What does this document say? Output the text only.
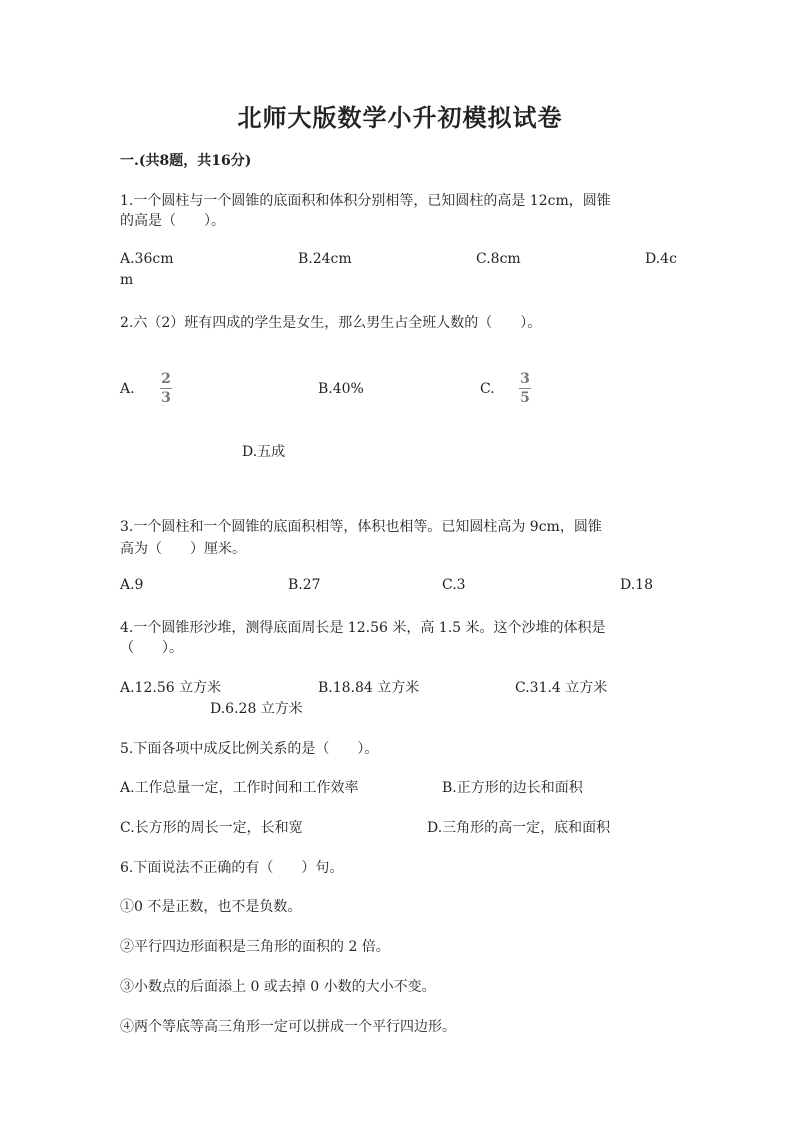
北师大版数学小升初模拟试卷
一.(共8题，共16分)
1.一个圆柱与一个圆锥的底面积和体积分别相等，已知圆柱的高是 12cm，圆锥
的高是（　　）。
A.36cm	B.24cm	C.8cm	D.4c
m
2.六（2）班有四成的学生是女生，那么男生占全班人数的（　　）。
A.
2
3
B.40%	C.
3
5
D.五成
3.一个圆柱和一个圆锥的底面积相等，体积也相等。已知圆柱高为 9cm，圆锥
高为（　　）厘米。
A.9	B.27	C.3	D.18
4.一个圆锥形沙堆，测得底面周长是 12.56 米，高 1.5 米。这个沙堆的体积是
（　　）。
A.12.56 立方米	B.18.84 立方米	C.31.4 立方米
D.6.28 立方米
5.下面各项中成反比例关系的是（　　）。
A.工作总量一定，工作时间和工作效率	B.正方形的边长和面积
C.长方形的周长一定，长和宽	D.三角形的高一定，底和面积
6.下面说法不正确的有（　　）句。
①0 不是正数，也不是负数。
②平行四边形面积是三角形的面积的 2 倍。
③小数点的后面添上 0 或去掉 0 小数的大小不变。
④两个等底等高三角形一定可以拼成一个平行四边形。
